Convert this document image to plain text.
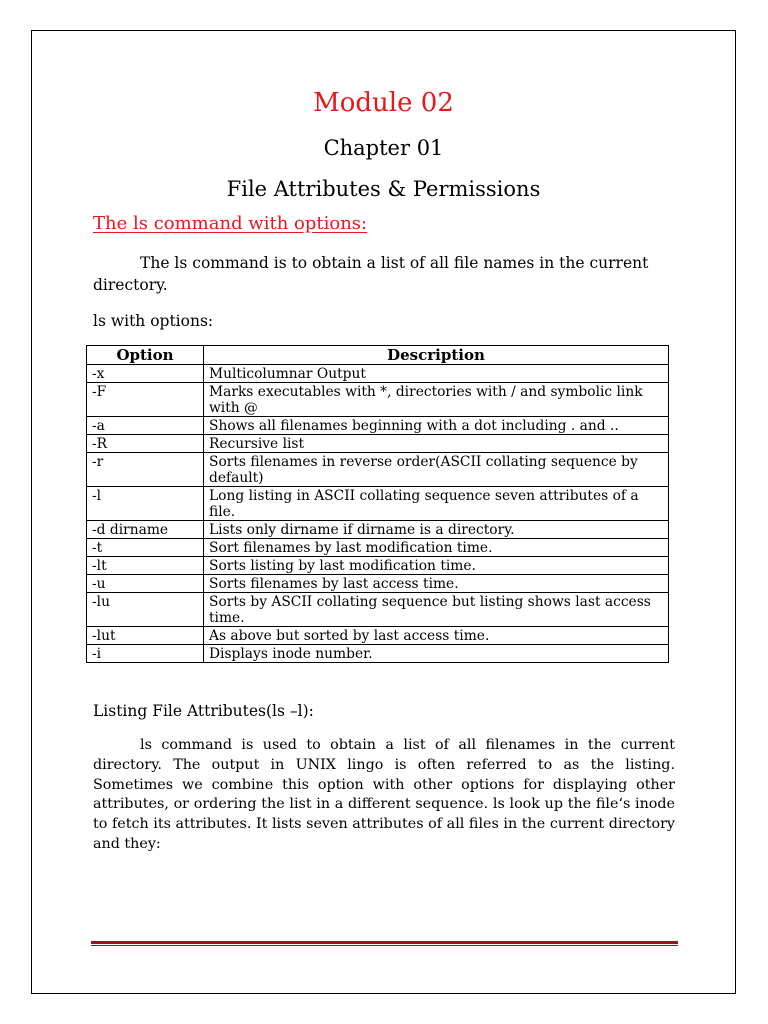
Module 02
Chapter 01
File Attributes & Permissions
The ls command with options:
The ls command is to obtain a list of all file names in the current directory.
ls with options:
Option	Description
-x	Multicolumnar Output
-F	Marks executables with *, directories with / and symbolic link with @
-a	Shows all filenames beginning with a dot including . and ..
-R	Recursive list
-r	Sorts filenames in reverse order(ASCII collating sequence by default)
-l	Long listing in ASCII collating sequence seven attributes of a file.
-d dirname	Lists only dirname if dirname is a directory.
-t	Sort filenames by last modification time.
-lt	Sorts listing by last modification time.
-u	Sorts filenames by last access time.
-lu	Sorts by ASCII collating sequence but listing shows last access time.
-lut	As above but sorted by last access time.
-i	Displays inode number.
Listing File Attributes(ls –l):
ls command is used to obtain a list of all filenames in the current directory. The output in UNIX lingo is often referred to as the listing. Sometimes we combine this option with other options for displaying other attributes, or ordering the list in a different sequence. ls look up the file‘s inode to fetch its attributes. It lists seven attributes of all files in the current directory and they:
